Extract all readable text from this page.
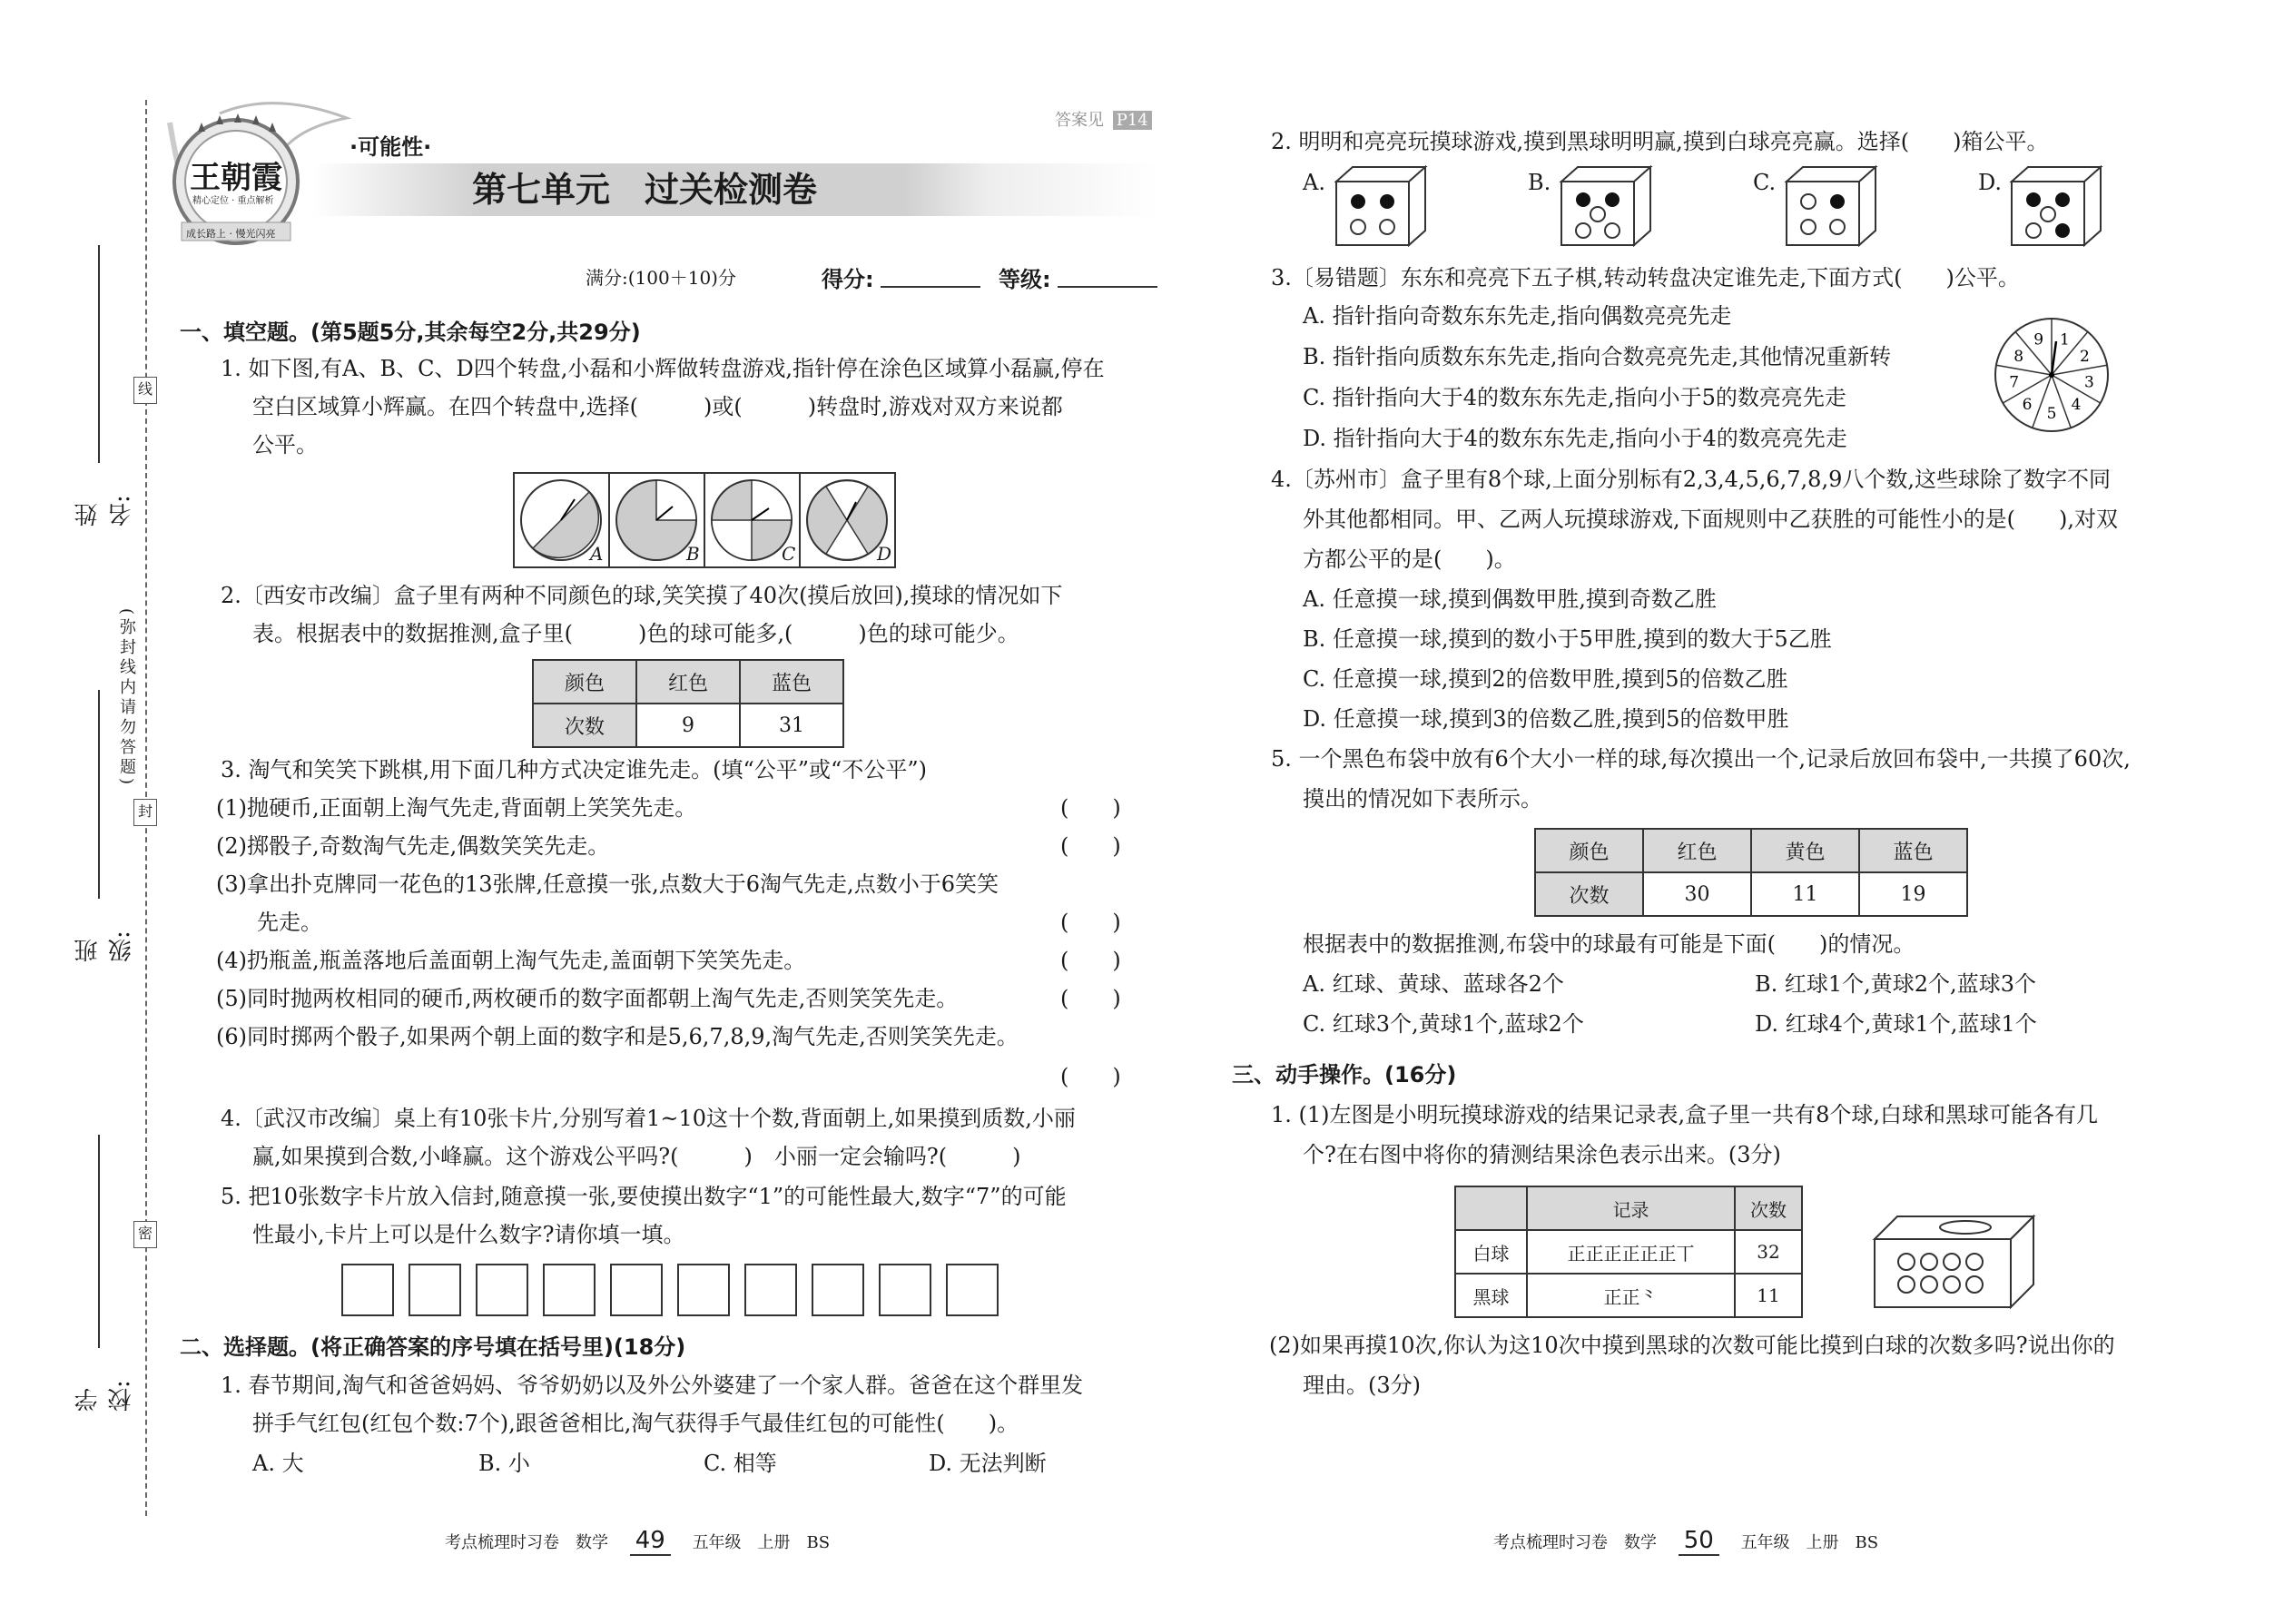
线
封
密
姓名:
(弥封线内请勿答题)
班级:
学校:
王朝霞
精心定位 · 重点解析
成长路上 · 慢光闪亮
·可能性·
答案见 P14
第七单元　过关检测卷
满分:(100＋10)分	得分:	等级:
一、填空题。(第5题5分,其余每空2分,共29分)
1. 如下图,有A、B、C、D四个转盘,小磊和小辉做转盘游戏,指针停在涂色区域算小磊赢,停在
空白区域算小辉赢。在四个转盘中,选择(　　　)或(　　　)转盘时,游戏对双方来说都
公平。
A	B	C	D
2.〔西安市改编〕盒子里有两种不同颜色的球,笑笑摸了40次(摸后放回),摸球的情况如下
表。根据表中的数据推测,盒子里(　　　)色的球可能多,(　　　)色的球可能少。
颜色	红色	蓝色
次数	9	31
3. 淘气和笑笑下跳棋,用下面几种方式决定谁先走。(填“公平”或“不公平”)
(1)抛硬币,正面朝上淘气先走,背面朝上笑笑先走。	(　　)
(2)掷骰子,奇数淘气先走,偶数笑笑先走。	(　　)
(3)拿出扑克牌同一花色的13张牌,任意摸一张,点数大于6淘气先走,点数小于6笑笑
先走。	(　　)
(4)扔瓶盖,瓶盖落地后盖面朝上淘气先走,盖面朝下笑笑先走。	(　　)
(5)同时抛两枚相同的硬币,两枚硬币的数字面都朝上淘气先走,否则笑笑先走。	(　　)
(6)同时掷两个骰子,如果两个朝上面的数字和是5,6,7,8,9,淘气先走,否则笑笑先走。
(　　)
4.〔武汉市改编〕桌上有10张卡片,分别写着1~10这十个数,背面朝上,如果摸到质数,小丽
赢,如果摸到合数,小峰赢。这个游戏公平吗?(　　　)　小丽一定会输吗?(　　　)
5. 把10张数字卡片放入信封,随意摸一张,要使摸出数字“1”的可能性最大,数字“7”的可能
性最小,卡片上可以是什么数字?请你填一填。
二、选择题。(将正确答案的序号填在括号里)(18分)
1. 春节期间,淘气和爸爸妈妈、爷爷奶奶以及外公外婆建了一个家人群。爸爸在这个群里发
拼手气红包(红包个数:7个),跟爸爸相比,淘气获得手气最佳红包的可能性(　　)。
A. 大	B. 小	C. 相等	D. 无法判断
考点梳理时习卷　数学 49 五年级　上册　BS
2. 明明和亮亮玩摸球游戏,摸到黑球明明赢,摸到白球亮亮赢。选择(　　)箱公平。
A.	B.	C.	D.
3.〔易错题〕东东和亮亮下五子棋,转动转盘决定谁先走,下面方式(　　)公平。
A. 指针指向奇数东东先走,指向偶数亮亮先走
B. 指针指向质数东东先走,指向合数亮亮先走,其他情况重新转
C. 指针指向大于4的数东东先走,指向小于5的数亮亮先走
D. 指针指向大于4的数东东先走,指向小于4的数亮亮先走
1
2
3
4
5
6
7
8
9
4.〔苏州市〕盒子里有8个球,上面分别标有2,3,4,5,6,7,8,9八个数,这些球除了数字不同
外其他都相同。甲、乙两人玩摸球游戏,下面规则中乙获胜的可能性小的是(　　),对双
方都公平的是(　　)。
A. 任意摸一球,摸到偶数甲胜,摸到奇数乙胜
B. 任意摸一球,摸到的数小于5甲胜,摸到的数大于5乙胜
C. 任意摸一球,摸到2的倍数甲胜,摸到5的倍数乙胜
D. 任意摸一球,摸到3的倍数乙胜,摸到5的倍数甲胜
5. 一个黑色布袋中放有6个大小一样的球,每次摸出一个,记录后放回布袋中,一共摸了60次,
摸出的情况如下表所示。
颜色	红色	黄色	蓝色
次数	30	11	19
根据表中的数据推测,布袋中的球最有可能是下面(　　)的情况。
A. 红球、黄球、蓝球各2个	B. 红球1个,黄球2个,蓝球3个
C. 红球3个,黄球1个,蓝球2个	D. 红球4个,黄球1个,蓝球1个
三、动手操作。(16分)
1. (1)左图是小明玩摸球游戏的结果记录表,盒子里一共有8个球,白球和黑球可能各有几
个?在右图中将你的猜测结果涂色表示出来。(3分)
	记录	次数
白球	正正正正正正丅	32
黑球	正正⺀	11
(2)如果再摸10次,你认为这10次中摸到黑球的次数可能比摸到白球的次数多吗?说出你的
理由。(3分)
考点梳理时习卷　数学 50 五年级　上册　BS
